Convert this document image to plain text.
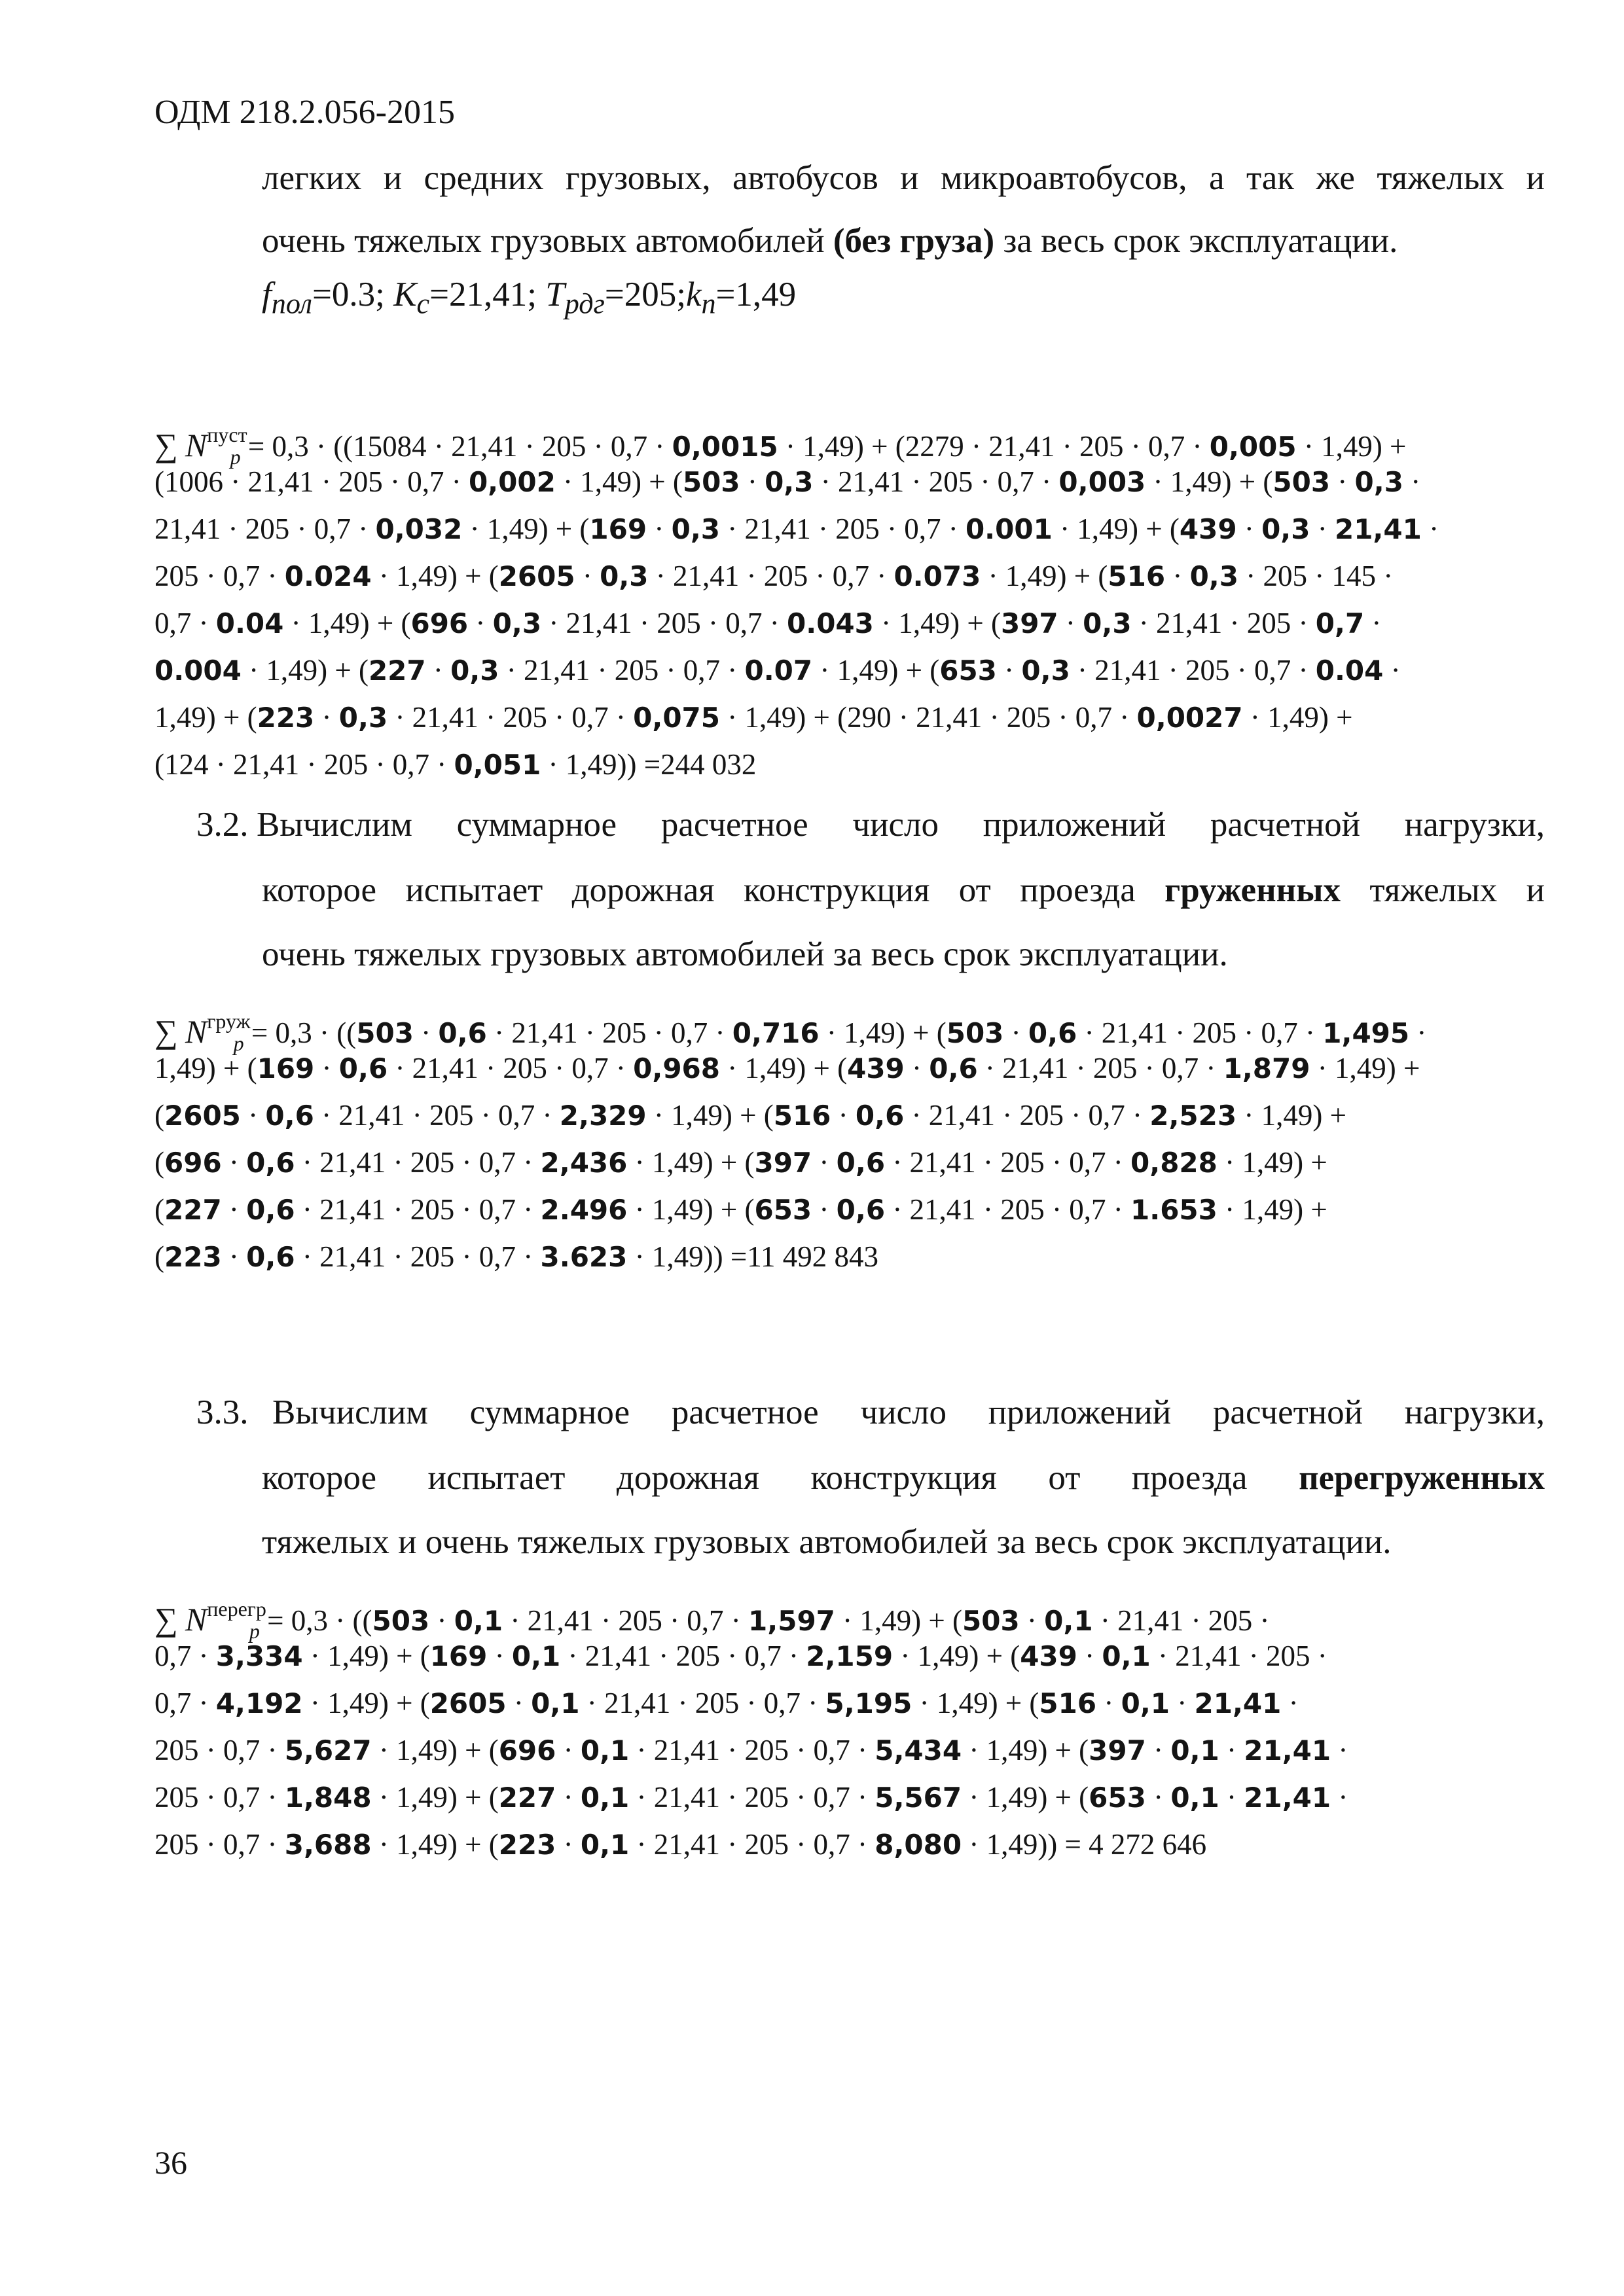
ОДМ 218.2.056-2015
легких и средних грузовых, автобусов и микроавтобусов, а так же тяжелых и
очень тяжелых грузовых автомобилей (без груза) за весь срок эксплуатации.
$f_{пол}=0.3$; $K_с=21,41$; $T_{рдг}=205;k_п=1,49$
∑ $N^{пуст}_p = 0,3 \cdot ((15084 \cdot 21,41 \cdot 205 \cdot 0,7 \cdot 0,0015 \cdot 1,49) + (2279 \cdot 21,41 \cdot 205 \cdot 0,7 \cdot 0,005 \cdot 1,49)$ +
(1006 · 21,41 · 205 · 0,7 · 0,002 · 1,49) + (503 · 0,3 · 21,41 · 205 · 0,7 · 0,003 · 1,49) + (503 · 0,3 ·
21,41 · 205 · 0,7 · 0,032 · 1,49) + (169 · 0,3 · 21,41 · 205 · 0,7 · 0.001 · 1,49) + (439 · 0,3 · 21,41 ·
205 · 0,7 · 0.024 · 1,49) + (2605 · 0,3 · 21,41 · 205 · 0,7 · 0.073 · 1,49) + (516 · 0,3 · 205 · 145 ·
0,7 · 0.04 · 1,49) + (696 · 0,3 · 21,41 · 205 · 0,7 · 0.043 · 1,49) + (397 · 0,3 · 21,41 · 205 · 0,7 ·
0.004 · 1,49) + (227 · 0,3 · 21,41 · 205 · 0,7 · 0.07 · 1,49) + (653 · 0,3 · 21,41 · 205 · 0,7 · 0.04 ·
1,49) + (223 · 0,3 · 21,41 · 205 · 0,7 · 0,075 · 1,49) + (290 · 21,41 · 205 · 0,7 · 0,0027 · 1,49) +
(124 · 21,41 · 205 · 0,7 · 0,051 · 1,49)) =244 032
3.2. Вычислим суммарное расчетное число приложений расчетной нагрузки,
которое испытает дорожная конструкция от проезда груженных тяжелых и
очень тяжелых грузовых автомобилей за весь срок эксплуатации.
∑ $N^{груж}_p = 0,3 \cdot ((503 \cdot 0,6 \cdot 21,41 \cdot 205 \cdot 0,7 \cdot 0,716 \cdot 1,49) + (503 \cdot 0,6 \cdot 21,41 \cdot 205 \cdot 0,7 \cdot 1,495$ ·
1,49) + (169 · 0,6 · 21,41 · 205 · 0,7 · 0,968 · 1,49) + (439 · 0,6 · 21,41 · 205 · 0,7 · 1,879 · 1,49) +
(2605 · 0,6 · 21,41 · 205 · 0,7 · 2,329 · 1,49) + (516 · 0,6 · 21,41 · 205 · 0,7 · 2,523 · 1,49) +
(696 · 0,6 · 21,41 · 205 · 0,7 · 2,436 · 1,49) + (397 · 0,6 · 21,41 · 205 · 0,7 · 0,828 · 1,49) +
(227 · 0,6 · 21,41 · 205 · 0,7 · 2.496 · 1,49) + (653 · 0,6 · 21,41 · 205 · 0,7 · 1.653 · 1,49) +
(223 · 0,6 · 21,41 · 205 · 0,7 · 3.623 · 1,49)) =11 492 843
3.3. Вычислим суммарное расчетное число приложений расчетной нагрузки,
которое испытает дорожная конструкция от проезда перегруженных
тяжелых и очень тяжелых грузовых автомобилей за весь срок эксплуатации.
∑ $N^{перегр}_p = 0,3 \cdot ((503 \cdot 0,1 \cdot 21,41 \cdot 205 \cdot 0,7 \cdot 1,597 \cdot 1,49) + (503 \cdot 0,1 \cdot 21,41 \cdot 205$ ·
0,7 · 3,334 · 1,49) + (169 · 0,1 · 21,41 · 205 · 0,7 · 2,159 · 1,49) + (439 · 0,1 · 21,41 · 205 ·
0,7 · 4,192 · 1,49) + (2605 · 0,1 · 21,41 · 205 · 0,7 · 5,195 · 1,49) + (516 · 0,1 · 21,41 ·
205 · 0,7 · 5,627 · 1,49) + (696 · 0,1 · 21,41 · 205 · 0,7 · 5,434 · 1,49) + (397 · 0,1 · 21,41 ·
205 · 0,7 · 1,848 · 1,49) + (227 · 0,1 · 21,41 · 205 · 0,7 · 5,567 · 1,49) + (653 · 0,1 · 21,41 ·
205 · 0,7 · 3,688 · 1,49) + (223 · 0,1 · 21,41 · 205 · 0,7 · 8,080 · 1,49)) = 4 272 646
36
